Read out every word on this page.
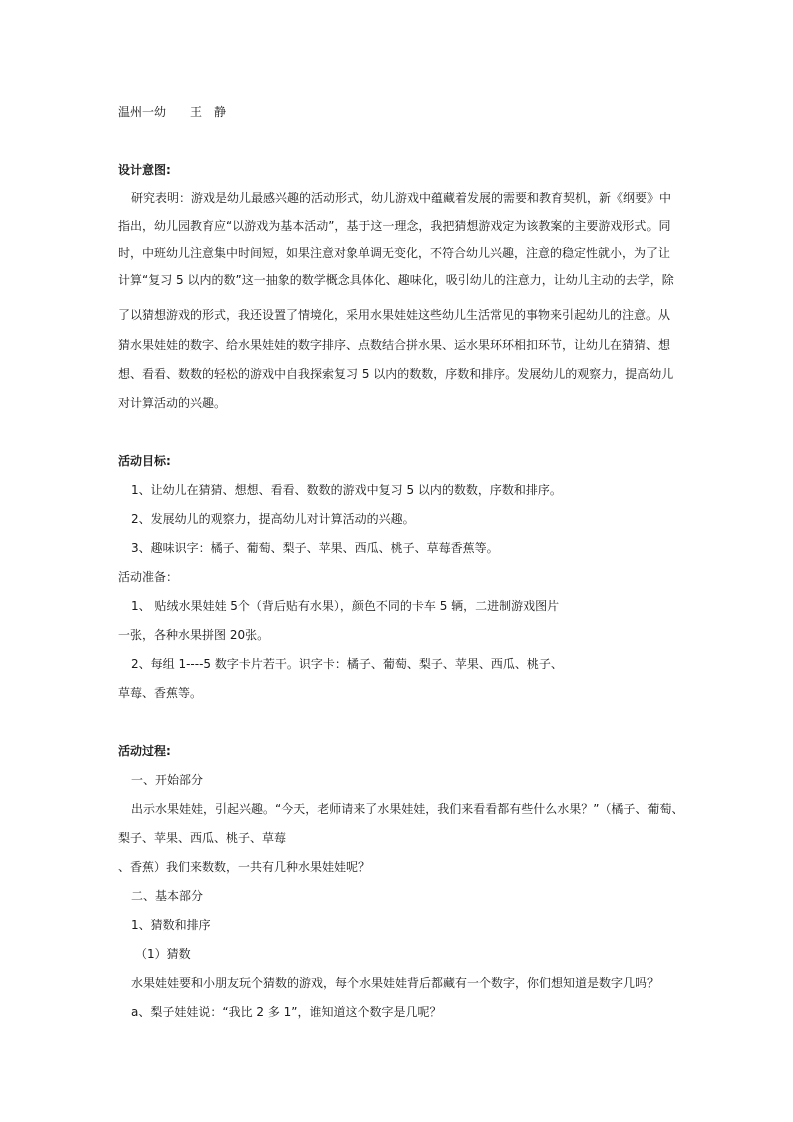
温州一幼　　王　静
设计意图:
研究表明：游戏是幼儿最感兴趣的活动形式，幼儿游戏中蕴藏着发展的需要和教育契机，新《纲要》中
指出，幼儿园教育应“以游戏为基本活动”，基于这一理念，我把猜想游戏定为该教案的主要游戏形式。同
时，中班幼儿注意集中时间短，如果注意对象单调无变化，不符合幼儿兴趣，注意的稳定性就小，为了让
计算“复习 5 以内的数”这一抽象的数学概念具体化、趣味化，吸引幼儿的注意力，让幼儿主动的去学，除
了以猜想游戏的形式，我还设置了情境化，采用水果娃娃这些幼儿生活常见的事物来引起幼儿的注意。从
猜水果娃娃的数字、给水果娃娃的数字排序、点数结合拼水果、运水果环环相扣环节，让幼儿在猜猜、想
想、看看、数数的轻松的游戏中自我探索复习 5 以内的数数，序数和排序。发展幼儿的观察力，提高幼儿
对计算活动的兴趣。
活动目标:
1、让幼儿在猜猜、想想、看看、数数的游戏中复习 5 以内的数数，序数和排序。
2、发展幼儿的观察力，提高幼儿对计算活动的兴趣。
3、趣味识字：橘子、葡萄、梨子、苹果、西瓜、桃子、草莓香蕉等。
活动准备：
1、 贴绒水果娃娃 5个（背后贴有水果），颜色不同的卡车 5 辆，二进制游戏图片
一张，各种水果拼图 20张。
2、每组 1----5 数字卡片若干。识字卡：橘子、葡萄、梨子、苹果、西瓜、桃子、
草莓、香蕉等。
活动过程:
一、开始部分
出示水果娃娃，引起兴趣。“今天，老师请来了水果娃娃，我们来看看都有些什么水果？”（橘子、葡萄、
梨子、苹果、西瓜、桃子、草莓
、香蕉）我们来数数，一共有几种水果娃娃呢？
二、基本部分
1、猜数和排序
（1）猜数
水果娃娃要和小朋友玩个猜数的游戏，每个水果娃娃背后都藏有一个数字，你们想知道是数字几吗？
a、梨子娃娃说：“我比 2 多 1”，谁知道这个数字是几呢？
